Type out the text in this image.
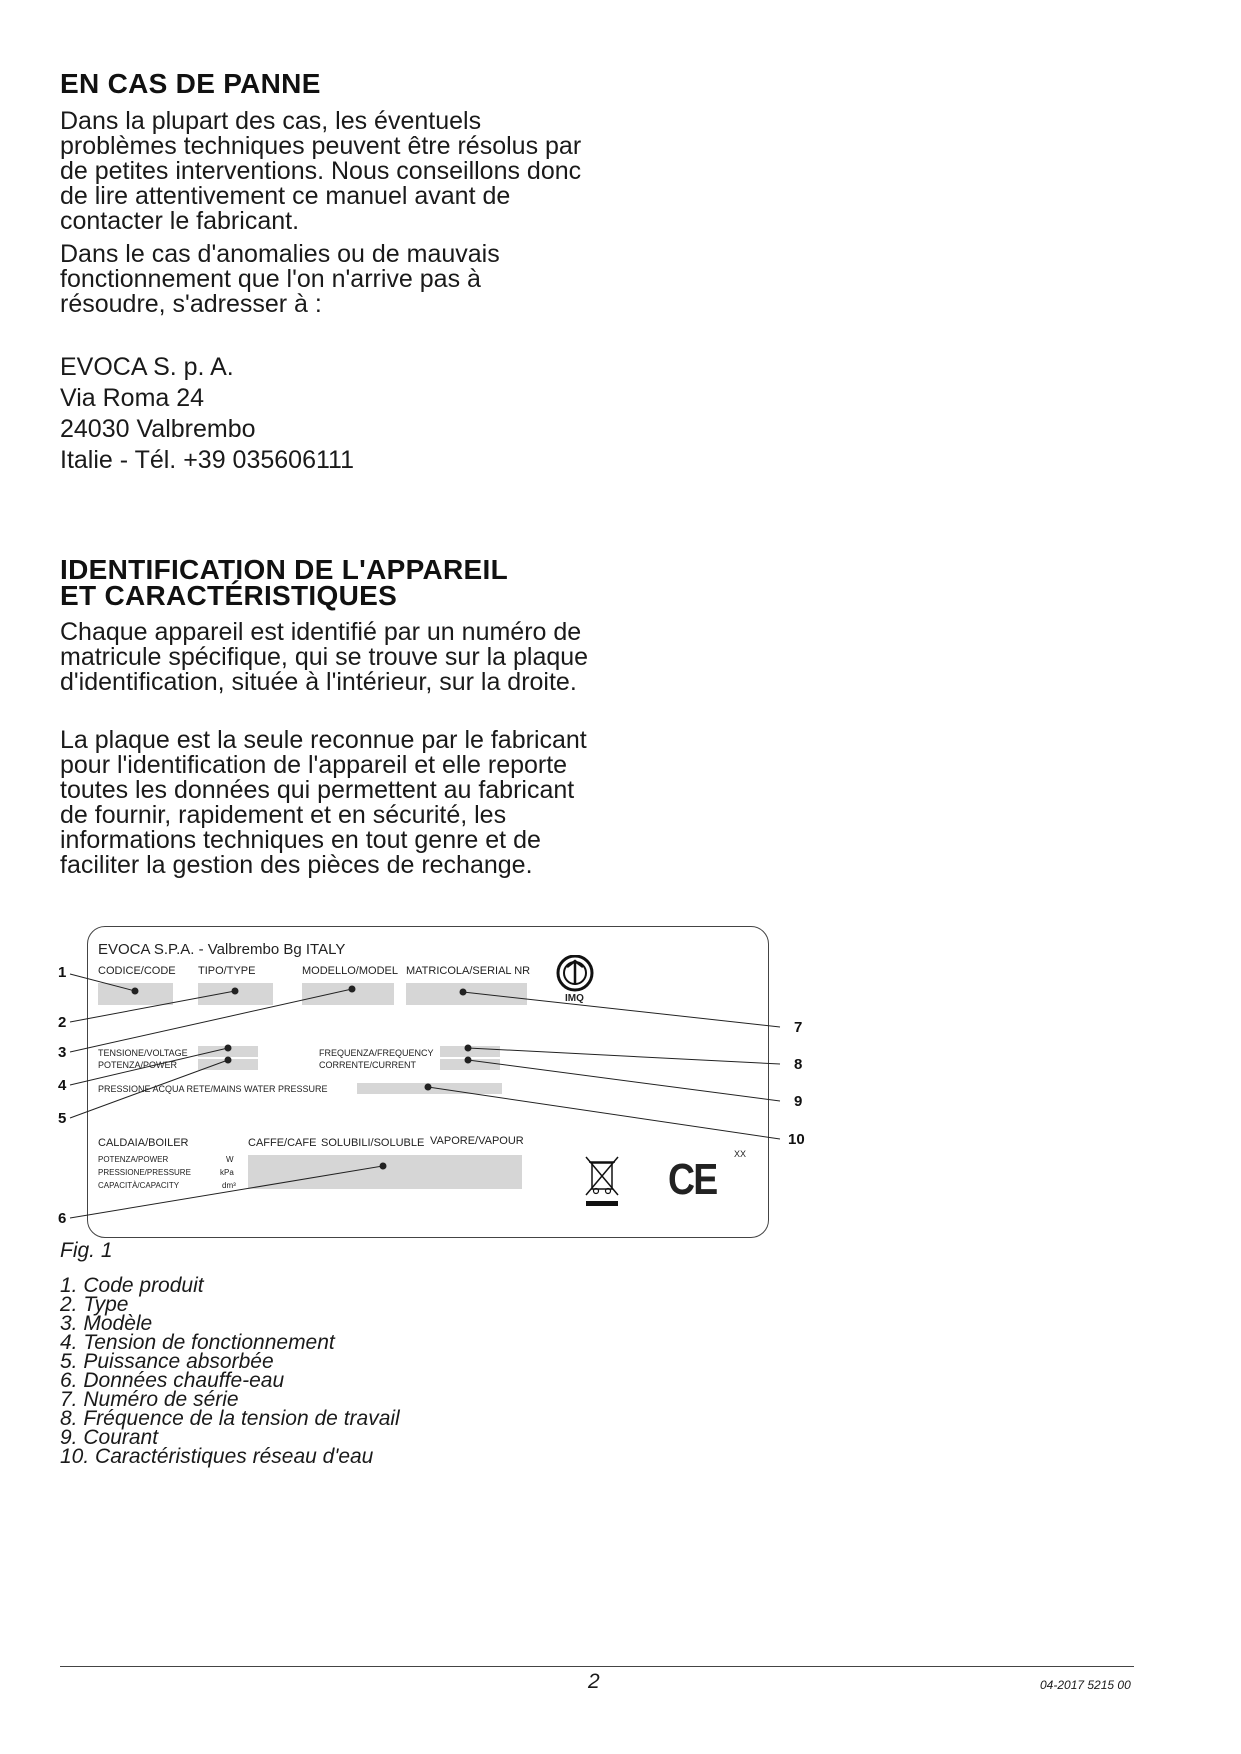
EN CAS DE PANNE

Dans la plupart des cas, les éventuels problèmes techniques peuvent être résolus par de petites interventions. Nous conseillons donc de lire attentivement ce manuel avant de contacter le fabricant.

Dans le cas d'anomalies ou de mauvais fonctionnement que l'on n'arrive pas à résoudre, s'adresser à :

EVOCA S. p. A.
Via Roma 24
24030 Valbrembo
Italie - Tél. +39 035606111
IDENTIFICATION DE L'APPAREIL
ET CARACTÉRISTIQUES

Chaque appareil est identifié par un numéro de matricule spécifique, qui se trouve sur la plaque d'identification, située à l'intérieur, sur la droite.

La plaque est la seule reconnue par le fabricant pour l'identification de l'appareil et elle reporte toutes les données qui permettent au fabricant de fournir, rapidement et en sécurité, les informations techniques en tout genre et de faciliter la gestion des pièces de rechange.

EVOCA S.P.A. - Valbrembo Bg ITALY
CODICE/CODE TIPO/TYPE	MODELLO/MODEL MATRICOLA/SERIAL NR
IMQ
TENSIONE/VOLTAGE
POTENZA/POWER
FREQUENZA/FREQUENCY
CORRENTE/CURRENT
PRESSIONE ACQUA RETE/MAINS WATER PRESSURE
CALDAIA/BOILER	CAFFE/CAFE SOLUBILI/SOLUBLE VAPORE/VAPOUR
POTENZA/POWER
PRESSIONE/PRESSURE
CAPACITÀ/CAPACITY
W
kPa
dm³	CE
XX
1
2
3
4
5
6
7
8
9
10
Fig. 1
1. Code produit
2. Type
3. Modèle
4. Tension de fonctionnement
5. Puissance absorbée
6. Données chauffe-eau
7. Numéro de série
8. Fréquence de la tension de travail
9. Courant
10. Caractéristiques réseau d'eau
2	04-2017 5215 00
